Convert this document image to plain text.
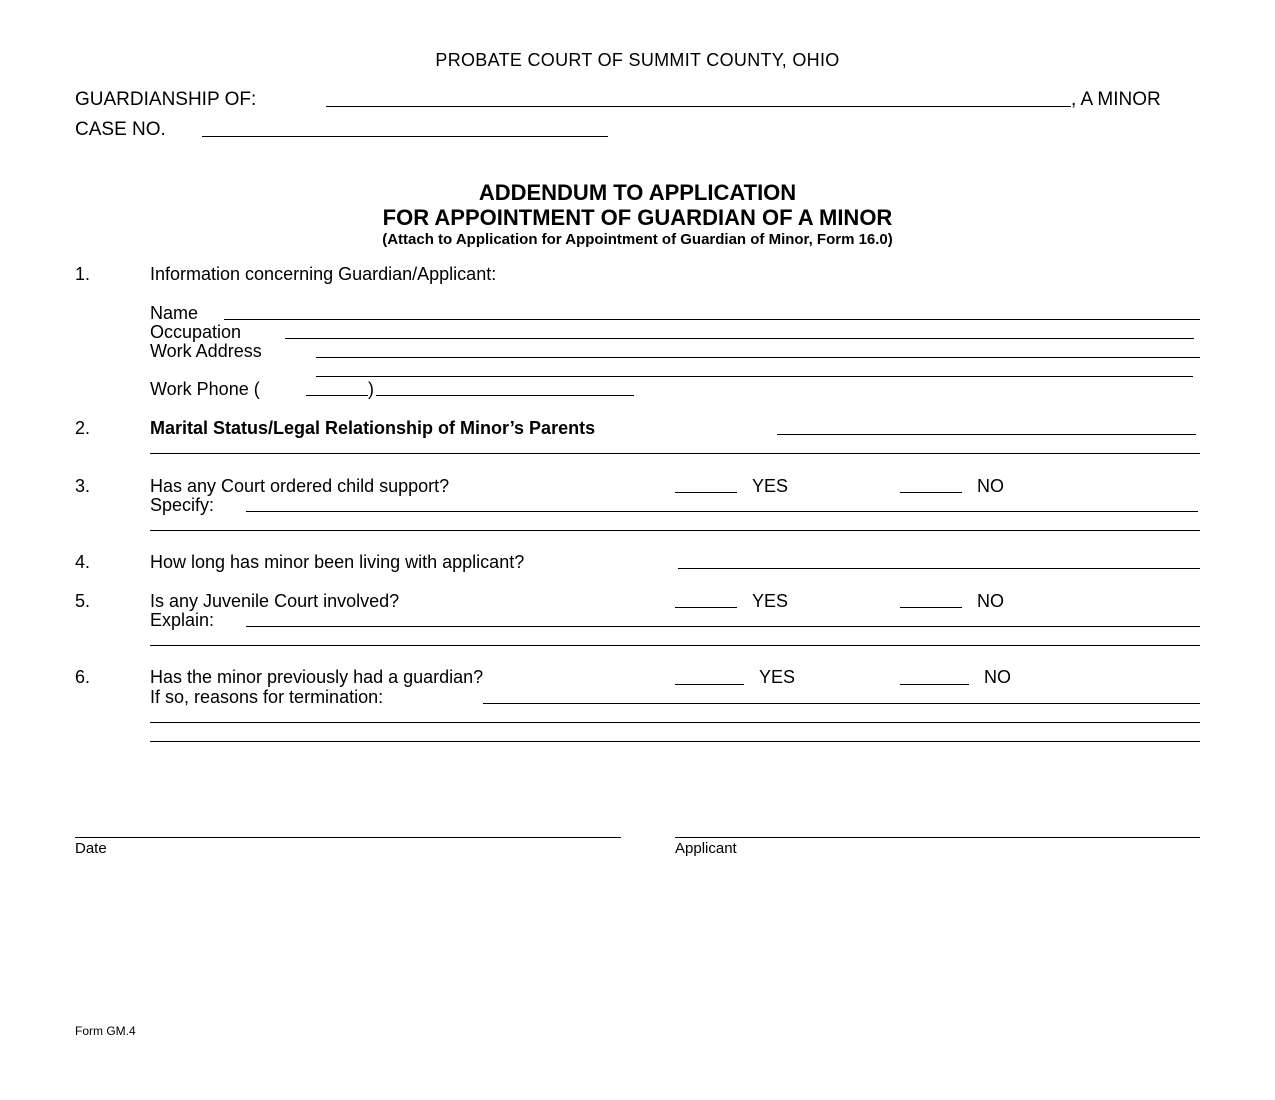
PROBATE COURT OF SUMMIT COUNTY, OHIO
GUARDIANSHIP OF:	, A MINOR
CASE NO.
ADDENDUM TO APPLICATION
FOR APPOINTMENT OF GUARDIAN OF A MINOR
(Attach to Application for Appointment of Guardian of Minor, Form 16.0)
1.	Information concerning Guardian/Applicant:
Name
Occupation
Work Address
Work Phone (	)
2.	Marital Status/Legal Relationship of Minor’s Parents
3.	Has any Court ordered child support?	YES	NO
Specify:
4.	How long has minor been living with applicant?
5.	Is any Juvenile Court involved?	YES	NO
Explain:
6.	Has the minor previously had a guardian?	YES	NO
If so, reasons for termination:
Date	Applicant
Form GM.4
